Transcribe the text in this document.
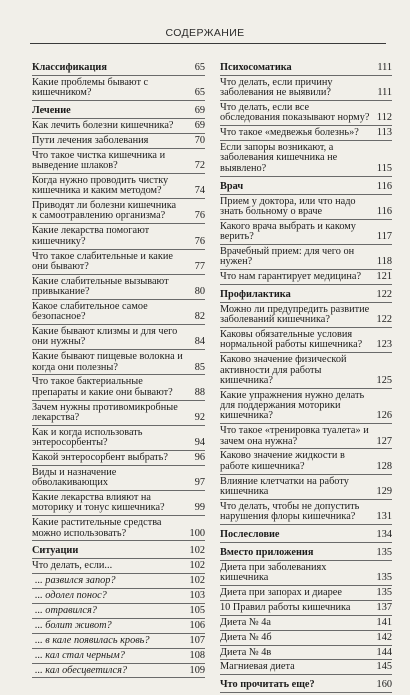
СОДЕРЖАНИЕ
Классификация	65
Какие проблемы бывают с кишечником?	65
Лечение	69
Как лечить болезни кишечника? 69
Пути лечения заболевания	70
Что такое чистка кишечника и выведение шлаков?	72
Когда нужно проводить чистку кишечника и каким методом?	74
Приводят ли болезни кишечника к самоотравлению организма?	76
Какие лекарства помогают кишечнику?	76
Что такое слабительные и какие они бывают?	77
Какие слабительные вызывают привыкание?	80
Какое слабительное самое безопасное?	82
Какие бывают клизмы и для чего они нужны?	84
Какие бывают пищевые волокна и когда они полезны?	85
Что такое бактериальные препараты и какие они бывают? 88
Зачем нужны противомикробные лекарства?	92
Как и когда использовать энтеросорбенты?	94
Какой энтеросорбент выбрать?	96
Виды и назначение обволакивающих	97
Какие лекарства влияют на моторику и тонус кишечника?	99
Какие растительные средства можно использовать?	100
Ситуации	102
Что делать, если...	102
... развился запор?	102
... одолел понос?	103
... отравился?	105
... болит живот?	106
... в кале появилась кровь?	107
... кал стал черным?	108
... кал обесцветился?	109
Психосоматика	111
Что делать, если причину заболевания не выявили?	111
Что делать, если все обследования показывают норму? 112
Что такое «медвежья болезнь»? 113
Если запоры возникают, а заболевания кишечника не выявлено?	115
Врач	116
Прием у доктора, или что надо знать больному о враче	116
Какого врача выбрать и какому верить?	117
Врачебный прием: для чего он нужен?	118
Что нам гарантирует медицина? 121
Профилактика	122
Можно ли предупредить развитие заболеваний кишечника?	122
Каковы обязательные условия нормальной работы кишечника? 123
Каково значение физической активности для работы кишечника?	125
Какие упражнения нужно делать для поддержания моторики кишечника?	126
Что такое «тренировка туалета» и зачем она нужна?	127
Каково значение жидкости в работе кишечника?	128
Влияние клетчатки на работу кишечника	129
Что делать, чтобы не допустить нарушения флоры кишечника? 131
Послесловие	134
Вместо приложения	135
Диета при заболеваниях кишечника	135
Диета при запорах и диарее	135
10 Правил работы кишечника	137
Диета № 4а	141
Диета № 4б	142
Диета № 4в	144
Магниевая диета	145
Что прочитать еще?	160
